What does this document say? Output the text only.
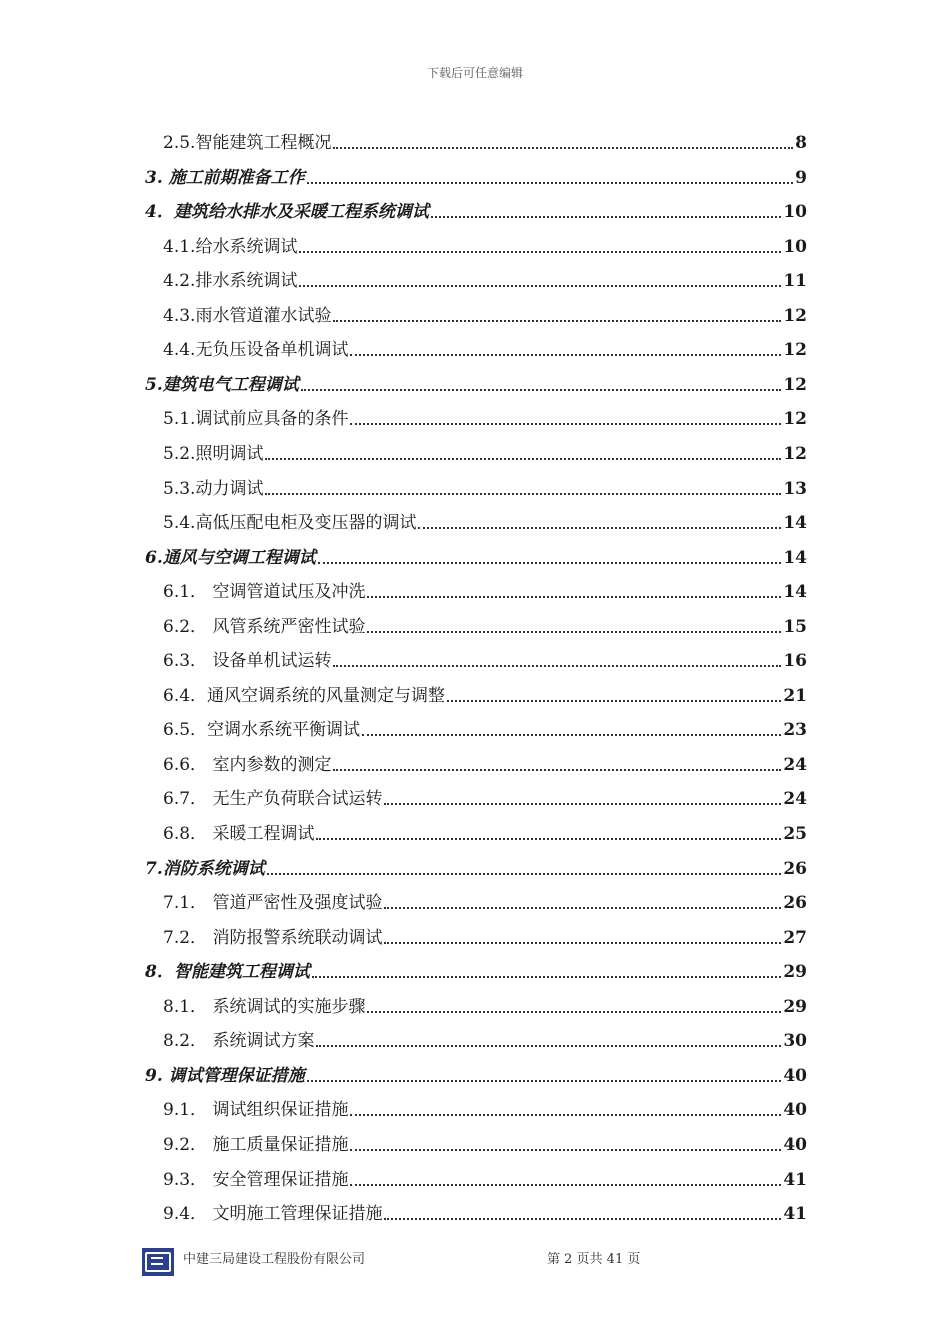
下载后可任意编辑
2.5.智能建筑工程概况	8
3. 施工前期准备工作	9
4．建筑给水排水及采暖工程系统调试	10
4.1.给水系统调试	10
4.2.排水系统调试	11
4.3.雨水管道灌水试验	12
4.4.无负压设备单机调试	12
5.建筑电气工程调试	12
5.1.调试前应具备的条件	12
5.2.照明调试	12
5.3.动力调试	13
5.4.高低压配电柜及变压器的调试	14
6.通风与空调工程调试	14
6.1． 空调管道试压及冲洗	14
6.2． 风管系统严密性试验	15
6.3． 设备单机试运转	16
6.4．通风空调系统的风量测定与调整	21
6.5．空调水系统平衡调试	23
6.6． 室内参数的测定	24
6.7． 无生产负荷联合试运转	24
6.8． 采暖工程调试	25
7.消防系统调试	26
7.1． 管道严密性及强度试验	26
7.2． 消防报警系统联动调试	27
8．智能建筑工程调试	29
8.1． 系统调试的实施步骤	29
8.2． 系统调试方案	30
9. 调试管理保证措施	40
9.1． 调试组织保证措施	40
9.2． 施工质量保证措施	40
9.3． 安全管理保证措施	41
9.4． 文明施工管理保证措施	41
中建三局建设工程股份有限公司	第 2 页共 41 页
